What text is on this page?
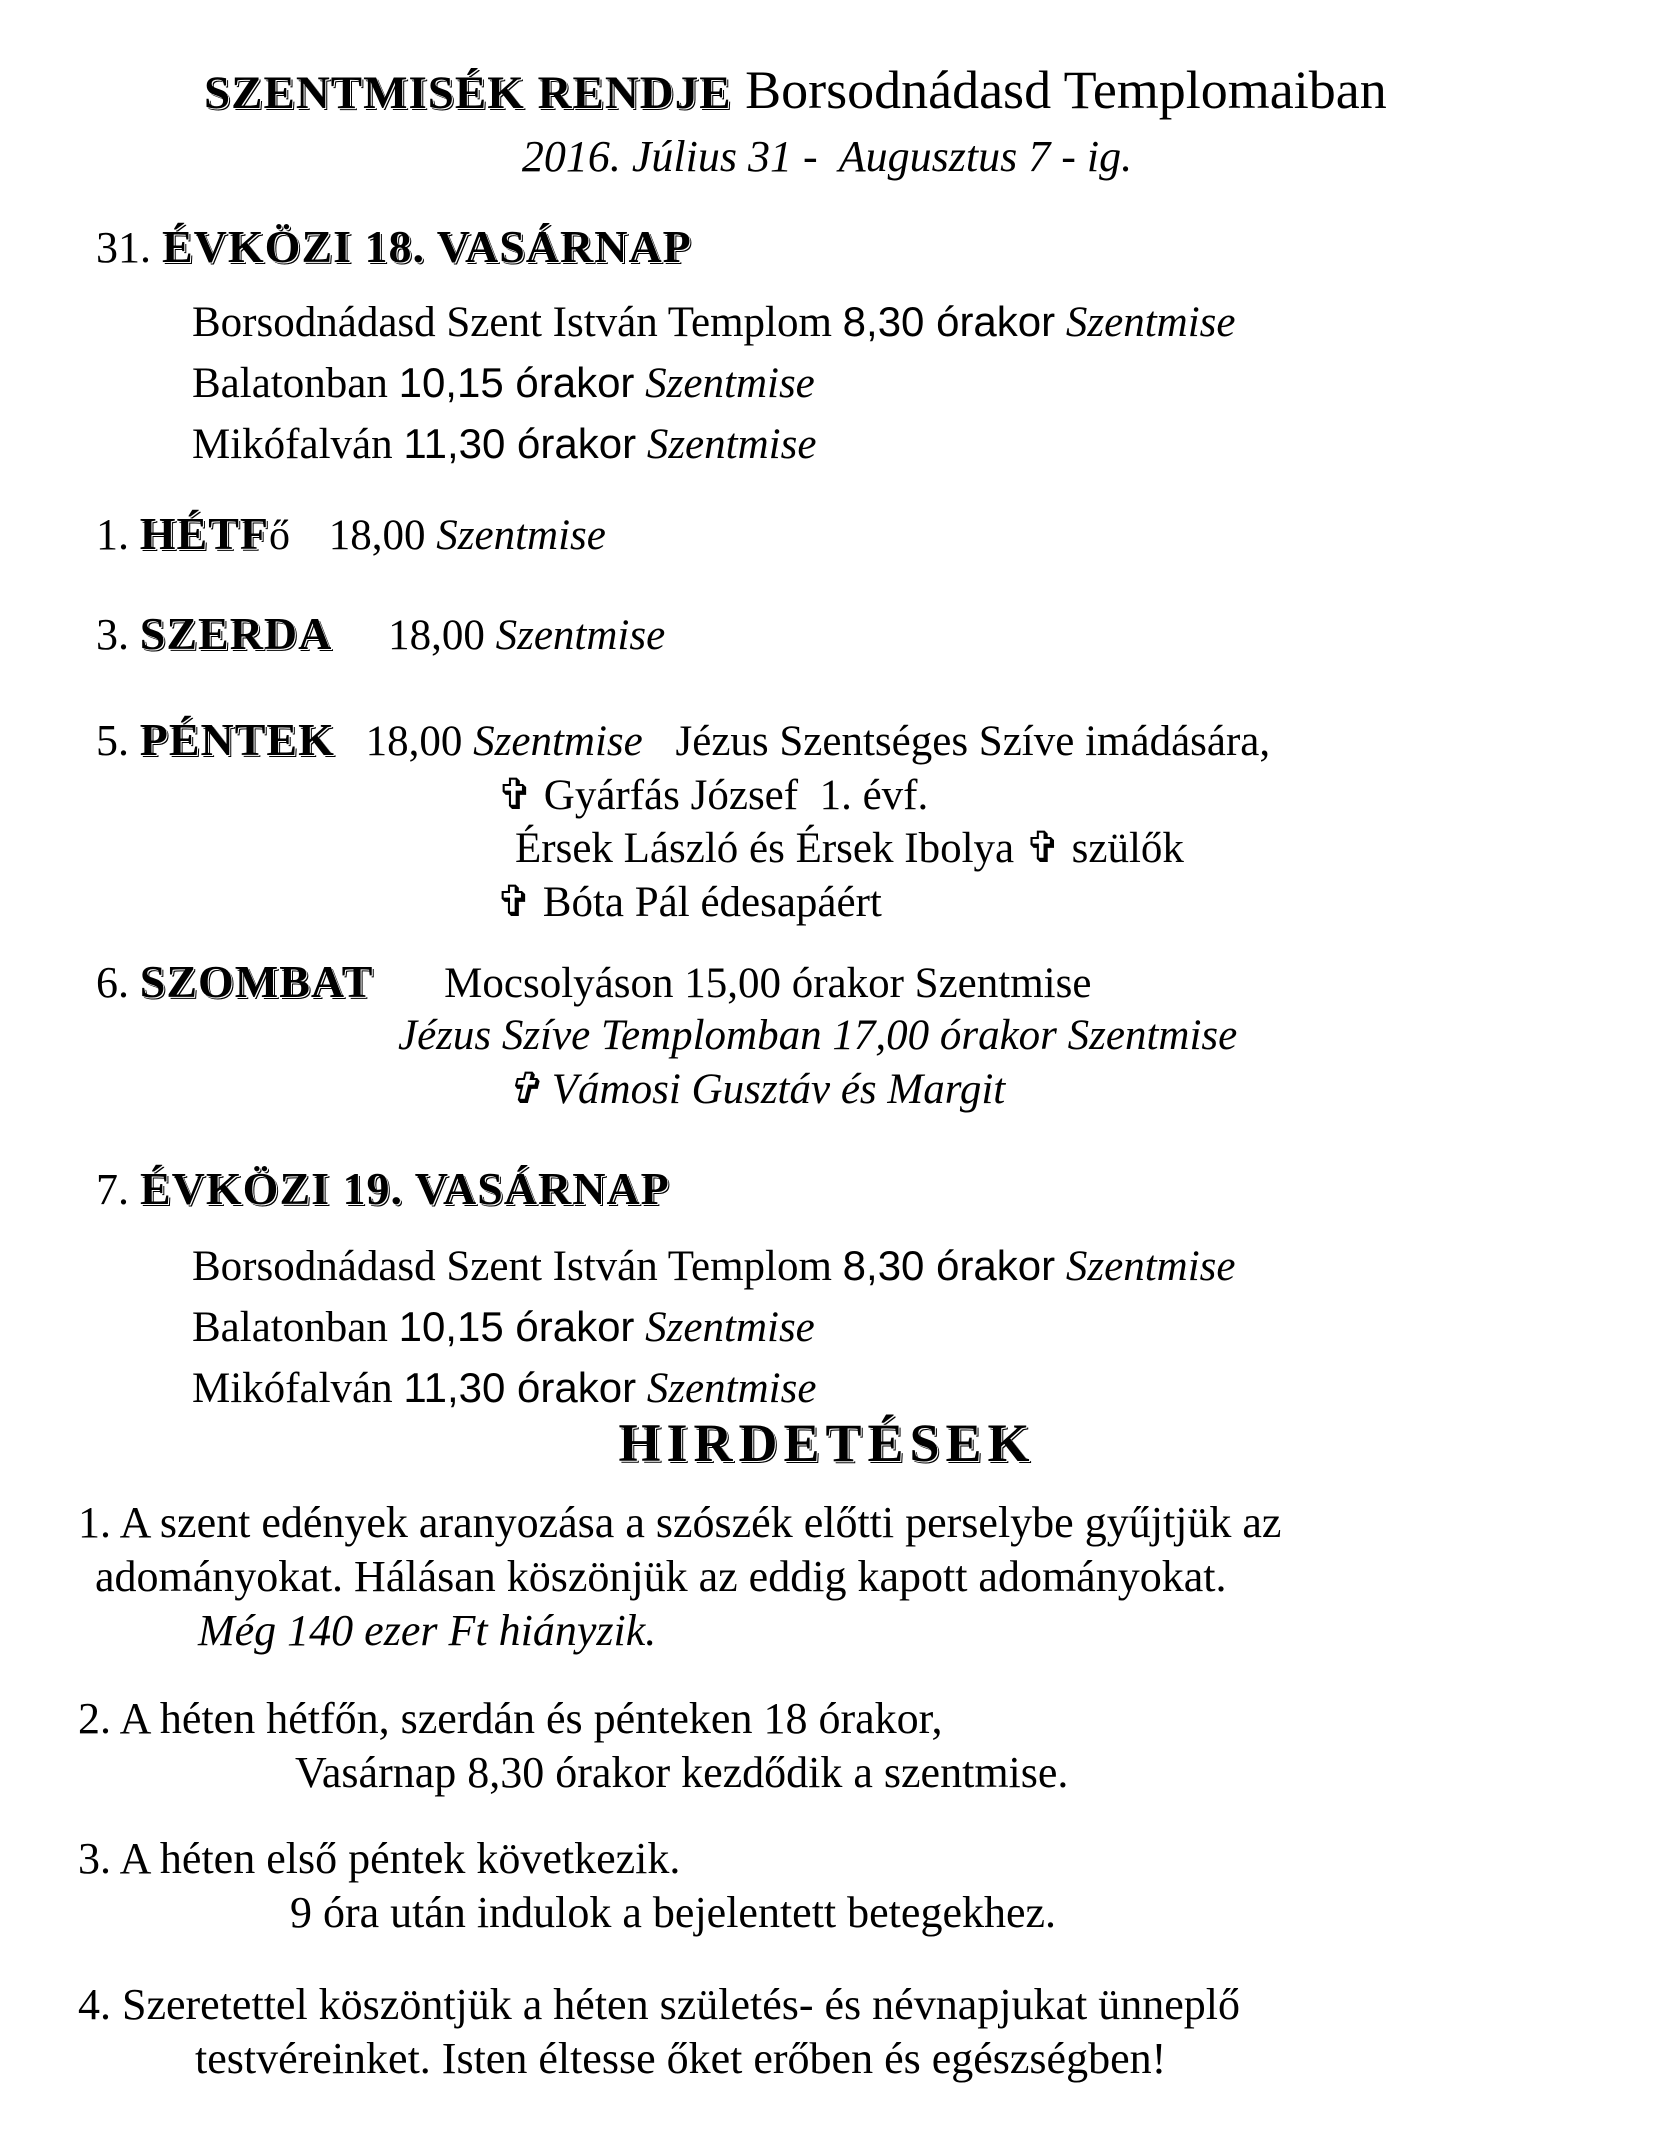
SZENTMISÉK RENDJE Borsodnádasd Templomaiban
2016. Július 31 -  Augusztus 7 - ig.
31. ÉVKÖZI 18. VASÁRNAP
Borsodnádasd Szent István Templom 8,30 órakor Szentmise
Balatonban 10,15 órakor Szentmise
Mikófalván 11,30 órakor Szentmise
1. HÉTFő 18,00 Szentmise
3. SZERDA 18,00 Szentmise
5. PÉNTEK 18,00 Szentmise Jézus Szentséges Szíve imádására,
✞ Gyárfás József  1. évf.
Érsek László és Érsek Ibolya ✞ szülők
✞ Bóta Pál édesapáért
6. SZOMBAT Mocsolyáson 15,00 órakor Szentmise
Jézus Szíve Templomban 17,00 órakor Szentmise
✞ Vámosi Gusztáv és Margit
7. ÉVKÖZI 19. VASÁRNAP
Borsodnádasd Szent István Templom 8,30 órakor Szentmise
Balatonban 10,15 órakor Szentmise
Mikófalván 11,30 órakor Szentmise
HIRDETÉSEK
1. A szent edények aranyozása a szószék előtti perselybe gyűjtjük az
adományokat. Hálásan köszönjük az eddig kapott adományokat.
Még 140 ezer Ft hiányzik.
2. A héten hétfőn, szerdán és pénteken 18 órakor,
Vasárnap 8,30 órakor kezdődik a szentmise.
3. A héten első péntek következik.
9 óra után indulok a bejelentett betegekhez.
4. Szeretettel köszöntjük a héten születés- és névnapjukat ünneplő
testvéreinket. Isten éltesse őket erőben és egészségben!
